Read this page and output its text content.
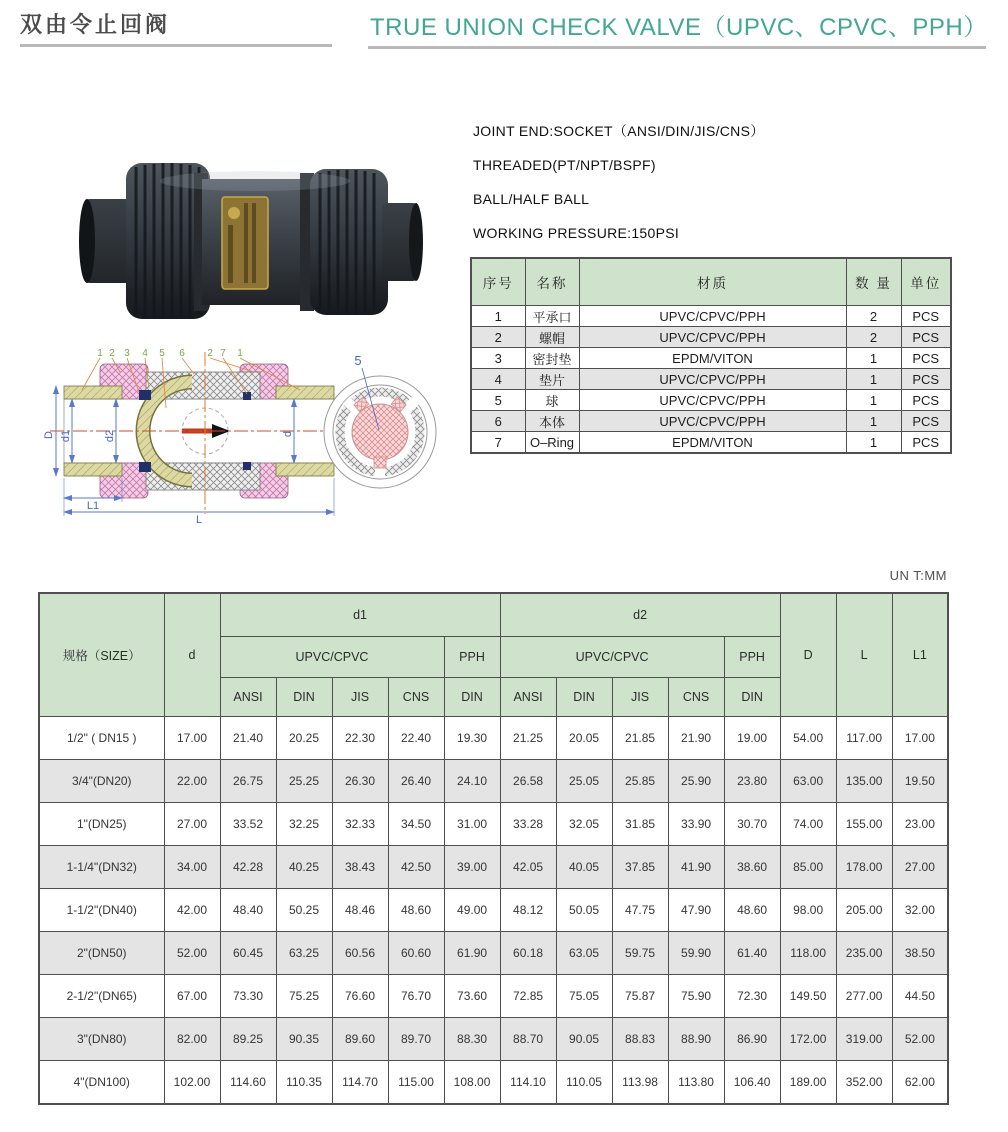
双由令止回阀	TRUE UNION CHECK VALVE（UPVC、CPVC、PPH）
JOINT END:SOCKET（ANSI/DIN/JIS/CNS）
THREADED(PT/NPT/BSPF)
BALL/HALF BALL
WORKING PRESSURE:150PSI
序号	名称	材质	数 量	单位
1	平承口	UPVC/CPVC/PPH	2	PCS
2	螺帽	UPVC/CPVC/PPH	2	PCS
3	密封垫	EPDM/VITON	1	PCS
4	垫片	UPVC/CPVC/PPH	1	PCS
5	球	UPVC/CPVC/PPH	1	PCS
6	本体	UPVC/CPVC/PPH	1	PCS
7	O–Ring	EPDM/VITON	1	PCS
D d1	d2	d
L1
L
1 2 3 4 5 6 2 7 1	5
UN T:MM
规格（SIZE）	d	d1					d2					D	L	L1
		UPVC/CPVC				PPH	UPVC/CPVC				PPH			
		ANSI	DIN	JIS	CNS	DIN	ANSI	DIN	JIS	CNS	DIN			
1/2" ( DN15 )	17.00	21.40	20.25	22.30	22.40	19.30	21.25	20.05	21.85	21.90	19.00	54.00	117.00	17.00
3/4"(DN20)	22.00	26.75	25.25	26.30	26.40	24.10	26.58	25.05	25.85	25.90	23.80	63.00	135.00	19.50
1"(DN25)	27.00	33.52	32.25	32.33	34.50	31.00	33.28	32.05	31.85	33.90	30.70	74.00	155.00	23.00
1-1/4"(DN32)	34.00	42.28	40.25	38.43	42.50	39.00	42.05	40.05	37.85	41.90	38.60	85.00	178.00	27.00
1-1/2"(DN40)	42.00	48.40	50.25	48.46	48.60	49.00	48.12	50.05	47.75	47.90	48.60	98.00	205.00	32.00
2"(DN50)	52.00	60.45	63.25	60.56	60.60	61.90	60.18	63.05	59.75	59.90	61.40	118.00	235.00	38.50
2-1/2"(DN65)	67.00	73.30	75.25	76.60	76.70	73.60	72.85	75.05	75.87	75.90	72.30	149.50	277.00	44.50
3"(DN80)	82.00	89.25	90.35	89.60	89.70	88.30	88.70	90.05	88.83	88.90	86.90	172.00	319.00	52.00
4"(DN100)	102.00	114.60	110.35	114.70	115.00	108.00	114.10	110.05	113.98	113.80	106.40	189.00	352.00	62.00
